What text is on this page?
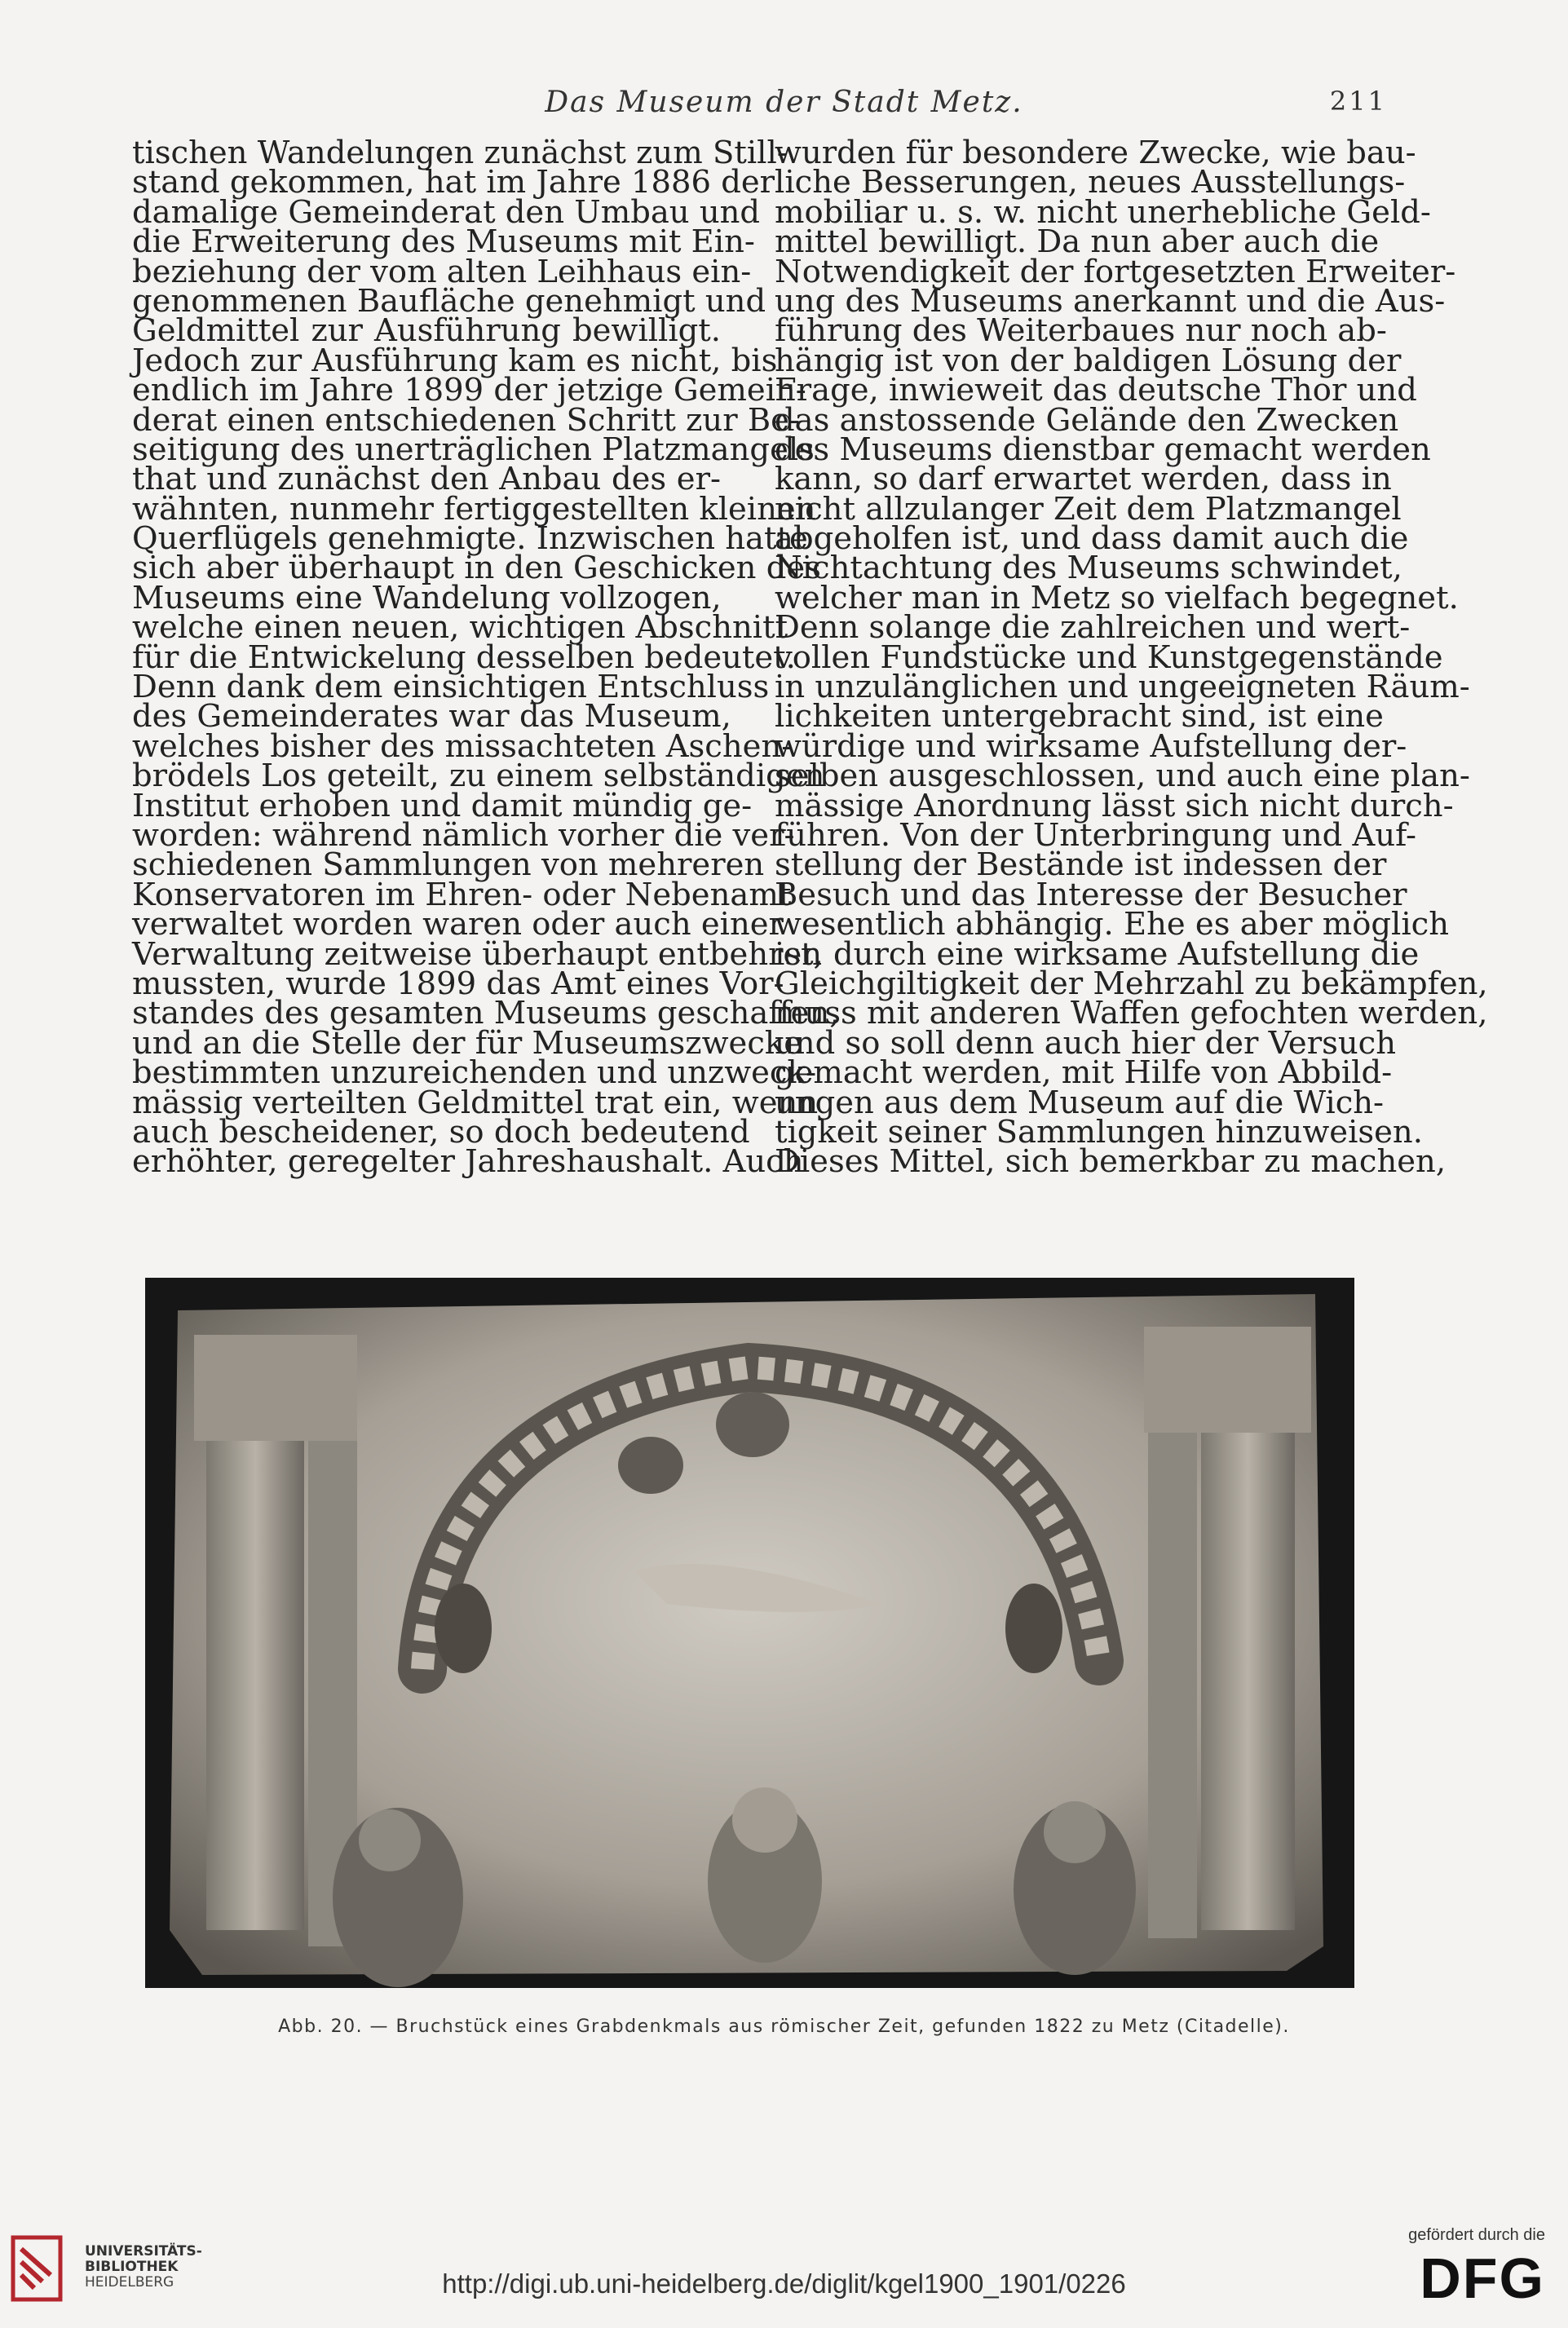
Das Museum der Stadt Metz.	211
tischen Wandelungen zunächst zum Still-
stand gekommen, hat im Jahre 1886 der
damalige Gemeinderat den Umbau und
die Erweiterung des Museums mit Ein-
beziehung der vom alten Leihhaus ein-
genommenen Baufläche genehmigt und
Geldmittel zur Ausführung bewilligt.
Jedoch zur Ausführung kam es nicht, bis
endlich im Jahre 1899 der jetzige Gemein-
derat einen entschiedenen Schritt zur Be-
seitigung des unerträglichen Platzmangels
that und zunächst den Anbau des er-
wähnten, nunmehr fertiggestellten kleinen
Querflügels genehmigte. Inzwischen hatte
sich aber überhaupt in den Geschicken des
Museums eine Wandelung vollzogen,
welche einen neuen, wichtigen Abschnitt
für die Entwickelung desselben bedeutet.
Denn dank dem einsichtigen Entschluss
des Gemeinderates war das Museum,
welches bisher des missachteten Aschen-
brödels Los geteilt, zu einem selbständigen
Institut erhoben und damit mündig ge-
worden: während nämlich vorher die ver-
schiedenen Sammlungen von mehreren
Konservatoren im Ehren- oder Nebenamt
verwaltet worden waren oder auch einer
Verwaltung zeitweise überhaupt entbehren
mussten, wurde 1899 das Amt eines Vor-
standes des gesamten Museums geschaffen,
und an die Stelle der für Museumszwecke
bestimmten unzureichenden und unzweck-
mässig verteilten Geldmittel trat ein, wenn
auch bescheidener, so doch bedeutend
erhöhter, geregelter Jahreshaushalt. Auch
wurden für besondere Zwecke, wie bau-
liche Besserungen, neues Ausstellungs-
mobiliar u. s. w. nicht unerhebliche Geld-
mittel bewilligt. Da nun aber auch die
Notwendigkeit der fortgesetzten Erweiter-
ung des Museums anerkannt und die Aus-
führung des Weiterbaues nur noch ab-
hängig ist von der baldigen Lösung der
Frage, inwieweit das deutsche Thor und
das anstossende Gelände den Zwecken
des Museums dienstbar gemacht werden
kann, so darf erwartet werden, dass in
nicht allzulanger Zeit dem Platzmangel
abgeholfen ist, und dass damit auch die
Nichtachtung des Museums schwindet,
welcher man in Metz so vielfach begegnet.
Denn solange die zahlreichen und wert-
vollen Fundstücke und Kunstgegenstände
in unzulänglichen und ungeeigneten Räum-
lichkeiten untergebracht sind, ist eine
würdige und wirksame Aufstellung der-
selben ausgeschlossen, und auch eine plan-
mässige Anordnung lässt sich nicht durch-
führen. Von der Unterbringung und Auf-
stellung der Bestände ist indessen der
Besuch und das Interesse der Besucher
wesentlich abhängig. Ehe es aber möglich
ist, durch eine wirksame Aufstellung die
Gleichgiltigkeit der Mehrzahl zu bekämpfen,
muss mit anderen Waffen gefochten werden,
und so soll denn auch hier der Versuch
gemacht werden, mit Hilfe von Abbild-
ungen aus dem Museum auf die Wich-
tigkeit seiner Sammlungen hinzuweisen.
Dieses Mittel, sich bemerkbar zu machen,
Abb. 20. — Bruchstück eines Grabdenkmals aus römischer Zeit, gefunden 1822 zu Metz (Citadelle).
UNIVERSITÄTS-
BIBLIOTHEK
HEIDELBERG	http://digi.ub.uni-heidelberg.de/diglit/kgel1900_1901/0226
gefördert durch die
DFG
